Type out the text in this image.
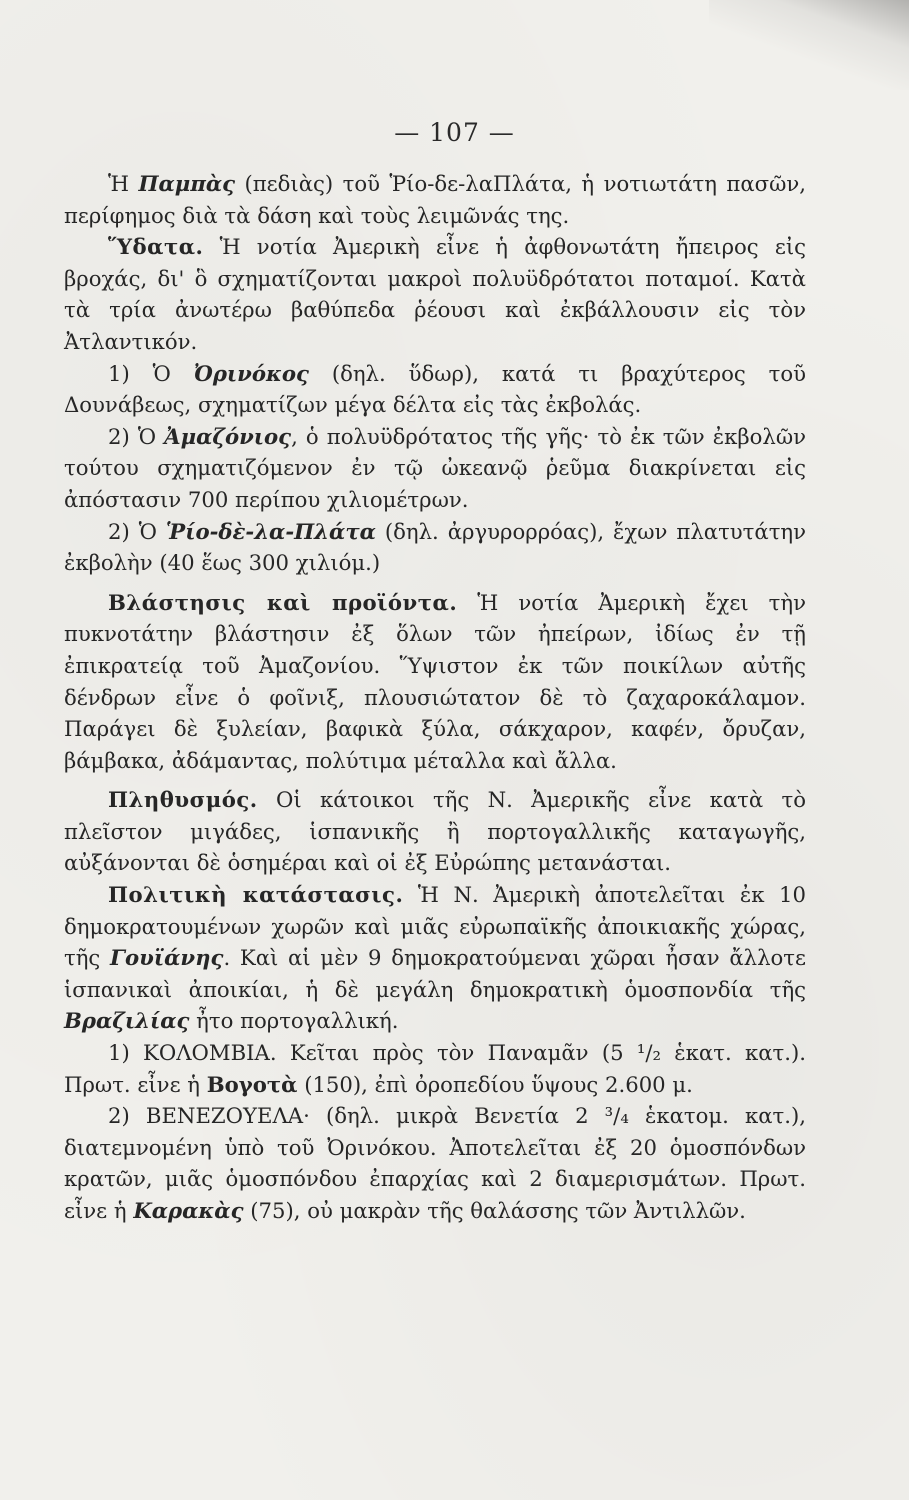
— 107 —

Ἡ Παμπὰς (πεδιὰς) τοῦ Ῥίο-δε-λαΠλάτα, ἡ νοτιωτάτη πασῶν, περίφημος διὰ τὰ δάση καὶ τοὺς λειμῶνάς της.

Ὕδατα. Ἡ νοτία Ἀμερικὴ εἶνε ἡ ἀφθονωτάτη ἤπειρος εἰς βροχάς, δι' ὃ σχηματίζονται μακροὶ πολυϋδρότατοι ποταμοί. Κατὰ τὰ τρία ἀνωτέρω βαθύπεδα ῥέουσι καὶ ἐκβάλλουσιν εἰς τὸν Ἀτλαντικόν.

1) Ὁ Ὀρινόκος (δηλ. ὕδωρ), κατά τι βραχύτερος τοῦ Δουνάβεως, σχηματίζων μέγα δέλτα εἰς τὰς ἐκβολάς.

2) Ὁ Ἀμαζόνιος, ὁ πολυϋδρότατος τῆς γῆς· τὸ ἐκ τῶν ἐκβολῶν τούτου σχηματιζόμενον ἐν τῷ ὠκεανῷ ῥεῦμα διακρίνεται εἰς ἀπόστασιν 700 περίπου χιλιομέτρων.

2) Ὁ Ῥίο-δὲ-λα-Πλάτα (δηλ. ἀργυρορρόας), ἔχων πλατυτάτην ἐκβολὴν (40 ἕως 300 χιλιόμ.)

Βλάστησις καὶ προϊόντα. Ἡ νοτία Ἀμερικὴ ἔχει τὴν πυκνοτάτην βλάστησιν ἐξ ὅλων τῶν ἠπείρων, ἰδίως ἐν τῇ ἐπικρατείᾳ τοῦ Ἀμαζονίου. Ὕψιστον ἐκ τῶν ποικίλων αὐτῆς δένδρων εἶνε ὁ φοῖνιξ, πλουσιώτατον δὲ τὸ ζαχαροκάλαμον. Παράγει δὲ ξυλείαν, βαφικὰ ξύλα, σάκχαρον, καφέν, ὄρυζαν, βάμβακα, ἀδάμαντας, πολύτιμα μέταλλα καὶ ἄλλα.

Πληθυσμός. Οἱ κάτοικοι τῆς Ν. Ἀμερικῆς εἶνε κατὰ τὸ πλεῖστον μιγάδες, ἱσπανικῆς ἢ πορτογαλλικῆς καταγωγῆς, αὐξάνονται δὲ ὁσημέραι καὶ οἱ ἐξ Εὐρώπης μετανάσται.

Πολιτικὴ κατάστασις. Ἡ Ν. Ἀμερικὴ ἀποτελεῖται ἐκ 10 δημοκρατουμένων χωρῶν καὶ μιᾶς εὐρωπαϊκῆς ἀποικιακῆς χώρας, τῆς Γουϊάνης. Καὶ αἱ μὲν 9 δημοκρατούμεναι χῶραι ἦσαν ἄλλοτε ἱσπανικαὶ ἀποικίαι, ἡ δὲ μεγάλη δημοκρατικὴ ὁμοσπονδία τῆς Βραζιλίας ἦτο πορτογαλλική.

1) ΚΟΛΟΜΒΙΑ. Κεῖται πρὸς τὸν Παναμᾶν (5 ¹/₂ ἑκατ. κατ.). Πρωτ. εἶνε ἡ Βογοτὰ (150), ἐπὶ ὀροπεδίου ὕψους 2.600 μ.

2) ΒΕΝΕΖΟΥΕΛΑ· (δηλ. μικρὰ Βενετία 2 ³/₄ ἑκατομ. κατ.), διατεμνομένη ὑπὸ τοῦ Ὀρινόκου. Ἀποτελεῖται ἐξ 20 ὁμοσπόνδων κρατῶν, μιᾶς ὁμοσπόνδου ἐπαρχίας καὶ 2 διαμερισμάτων. Πρωτ. εἶνε ἡ Καρακὰς (75), οὐ μακρὰν τῆς θαλάσσης τῶν Ἀντιλλῶν.
